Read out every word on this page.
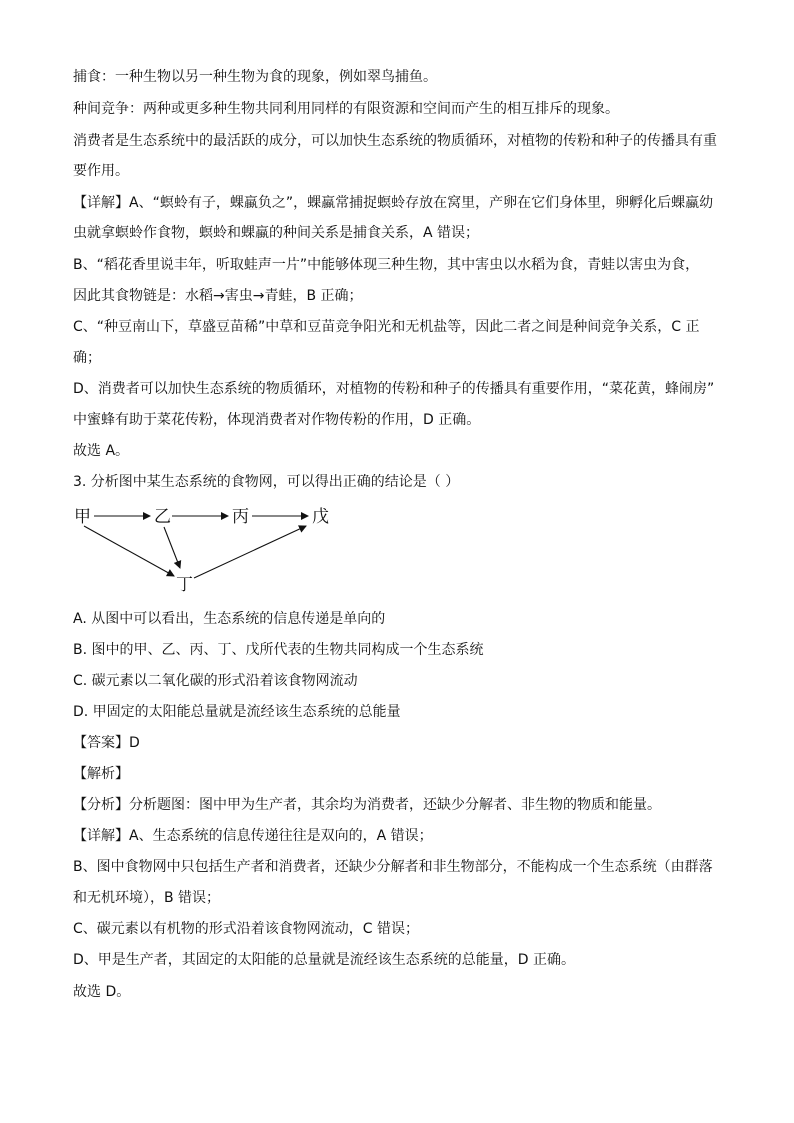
捕食：一种生物以另一种生物为食的现象，例如翠鸟捕鱼。

种间竞争：两种或更多种生物共同利用同样的有限资源和空间而产生的相互排斥的现象。

消费者是生态系统中的最活跃的成分，可以加快生态系统的物质循环，对植物的传粉和种子的传播具有重

要作用。

【详解】A、“螟蛉有子，蜾蠃负之”，蜾蠃常捕捉螟蛉存放在窝里，产卵在它们身体里，卵孵化后蜾蠃幼

虫就拿螟蛉作食物，螟蛉和蜾蠃的种间关系是捕食关系，A 错误；

B、“稻花香里说丰年，听取蛙声一片”中能够体现三种生物，其中害虫以水稻为食，青蛙以害虫为食，

因此其食物链是：水稻→害虫→青蛙，B 正确；

C、“种豆南山下，草盛豆苗稀”中草和豆苗竞争阳光和无机盐等，因此二者之间是种间竞争关系，C 正

确；

D、消费者可以加快生态系统的物质循环，对植物的传粉和种子的传播具有重要作用，“菜花黄，蜂闹房”

中蜜蜂有助于菜花传粉，体现消费者对作物传粉的作用，D 正确。

故选 A。

3. 分析图中某生态系统的食物网，可以得出正确的结论是（ ）

甲	乙	丙	戊
丁

A. 从图中可以看出，生态系统的信息传递是单向的

B. 图中的甲、乙、丙、丁、戊所代表的生物共同构成一个生态系统

C. 碳元素以二氧化碳的形式沿着该食物网流动

D. 甲固定的太阳能总量就是流经该生态系统的总能量

【答案】D

【解析】

【分析】分析题图：图中甲为生产者，其余均为消费者，还缺少分解者、非生物的物质和能量。

【详解】A、生态系统的信息传递往往是双向的，A 错误；

B、图中食物网中只包括生产者和消费者，还缺少分解者和非生物部分，不能构成一个生态系统（由群落

和无机环境），B 错误；

C、碳元素以有机物的形式沿着该食物网流动，C 错误；

D、甲是生产者，其固定的太阳能的总量就是流经该生态系统的总能量，D 正确。

故选 D。
